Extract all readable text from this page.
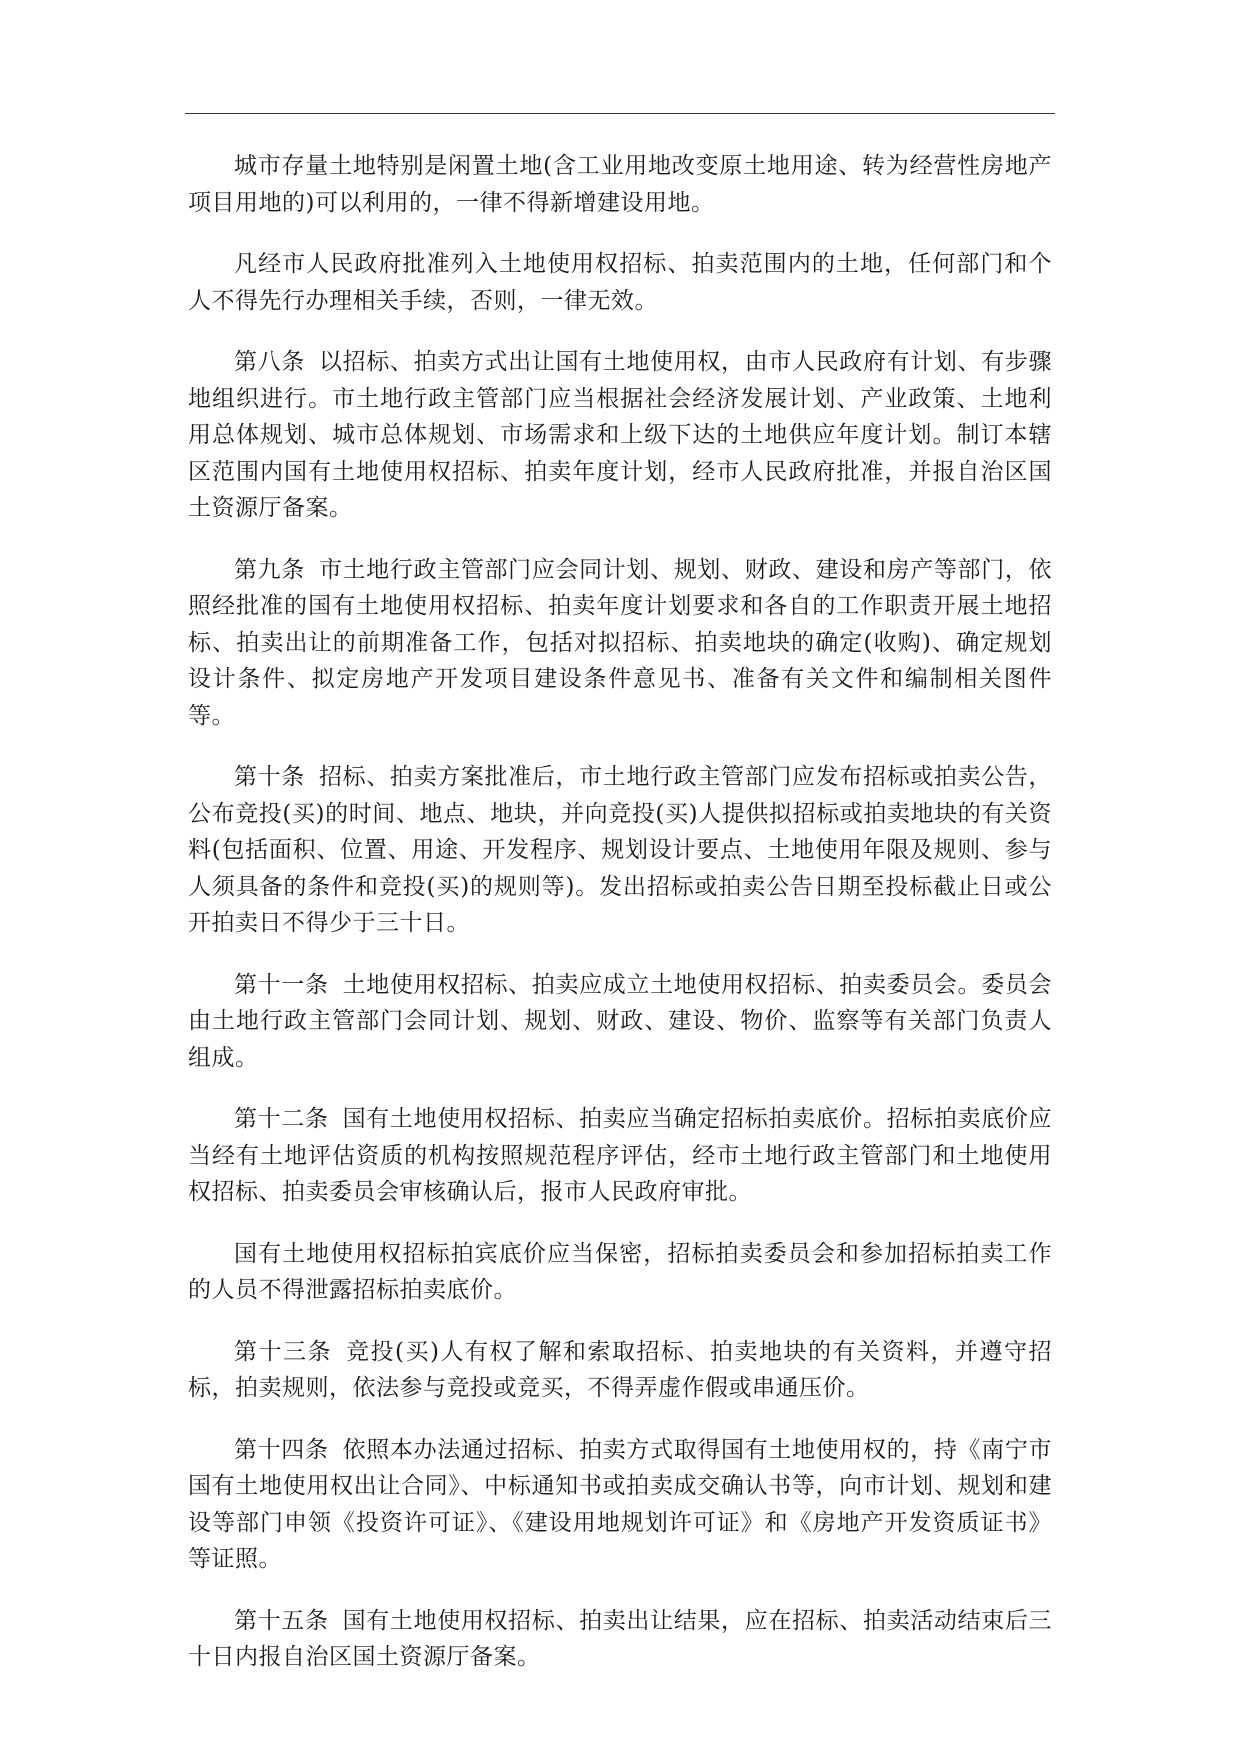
城市存量土地特别是闲置土地(含工业用地改变原土地用途、转为经营性房地产项目用地的)可以利用的，一律不得新增建设用地。

凡经市人民政府批准列入土地使用权招标、拍卖范围内的土地，任何部门和个人不得先行办理相关手续，否则，一律无效。

第八条 以招标、拍卖方式出让国有土地使用权，由市人民政府有计划、有步骤地组织进行。市土地行政主管部门应当根据社会经济发展计划、产业政策、土地利用总体规划、城市总体规划、市场需求和上级下达的土地供应年度计划。制订本辖区范围内国有土地使用权招标、拍卖年度计划，经市人民政府批准，并报自治区国土资源厅备案。

第九条 市土地行政主管部门应会同计划、规划、财政、建设和房产等部门，依照经批准的国有土地使用权招标、拍卖年度计划要求和各自的工作职责开展土地招标、拍卖出让的前期准备工作，包括对拟招标、拍卖地块的确定(收购)、确定规划设计条件、拟定房地产开发项目建设条件意见书、准备有关文件和编制相关图件等。

第十条 招标、拍卖方案批准后，市土地行政主管部门应发布招标或拍卖公告，公布竞投(买)的时间、地点、地块，并向竞投(买)人提供拟招标或拍卖地块的有关资料(包括面积、位置、用途、开发程序、规划设计要点、土地使用年限及规则、参与人须具备的条件和竞投(买)的规则等)。发出招标或拍卖公告日期至投标截止日或公开拍卖日不得少于三十日。

第十一条 土地使用权招标、拍卖应成立土地使用权招标、拍卖委员会。委员会由土地行政主管部门会同计划、规划、财政、建设、物价、监察等有关部门负责人组成。

第十二条 国有土地使用权招标、拍卖应当确定招标拍卖底价。招标拍卖底价应当经有土地评估资质的机构按照规范程序评估，经市土地行政主管部门和土地使用权招标、拍卖委员会审核确认后，报市人民政府审批。

国有土地使用权招标拍宾底价应当保密，招标拍卖委员会和参加招标拍卖工作的人员不得泄露招标拍卖底价。

第十三条 竞投(买)人有权了解和索取招标、拍卖地块的有关资料，并遵守招标，拍卖规则，依法参与竞投或竞买，不得弄虚作假或串通压价。

第十四条 依照本办法通过招标、拍卖方式取得国有土地使用权的，持《南宁市国有土地使用权出让合同》、中标通知书或拍卖成交确认书等，向市计划、规划和建设等部门申领《投资许可证》、《建设用地规划许可证》和《房地产开发资质证书》等证照。

第十五条 国有土地使用权招标、拍卖出让结果，应在招标、拍卖活动结束后三十日内报自治区国土资源厅备案。
